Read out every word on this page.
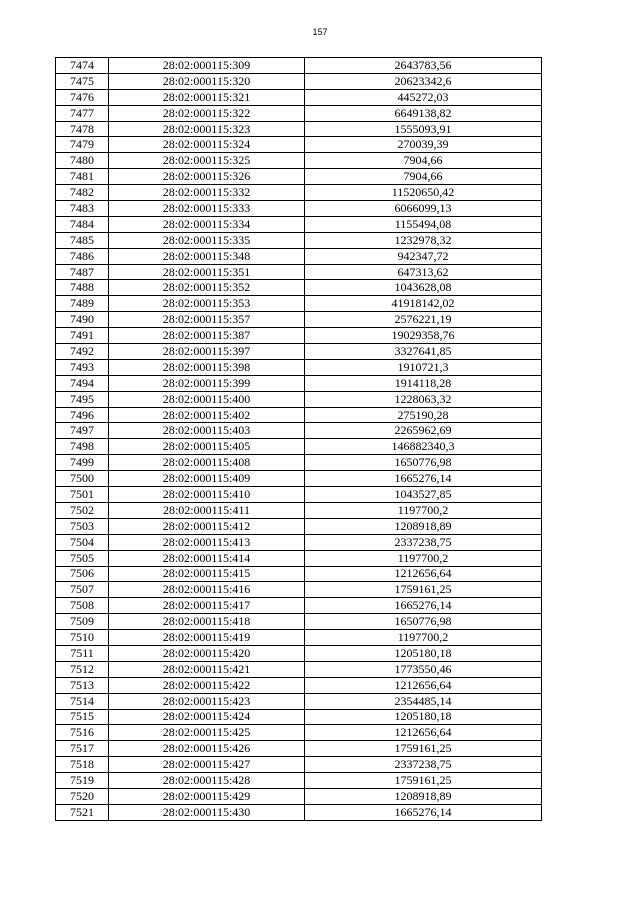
157
7474	28:02:000115:309	2643783,56
7475	28:02:000115:320	20623342,6
7476	28:02:000115:321	445272,03
7477	28:02:000115:322	6649138,82
7478	28:02:000115:323	1555093,91
7479	28:02:000115:324	270039,39
7480	28:02:000115:325	7904,66
7481	28:02:000115:326	7904,66
7482	28:02:000115:332	11520650,42
7483	28:02:000115:333	6066099,13
7484	28:02:000115:334	1155494,08
7485	28:02:000115:335	1232978,32
7486	28:02:000115:348	942347,72
7487	28:02:000115:351	647313,62
7488	28:02:000115:352	1043628,08
7489	28:02:000115:353	41918142,02
7490	28:02:000115:357	2576221,19
7491	28:02:000115:387	19029358,76
7492	28:02:000115:397	3327641,85
7493	28:02:000115:398	1910721,3
7494	28:02:000115:399	1914118,28
7495	28:02:000115:400	1228063,32
7496	28:02:000115:402	275190,28
7497	28:02:000115:403	2265962,69
7498	28:02:000115:405	146882340,3
7499	28:02:000115:408	1650776,98
7500	28:02:000115:409	1665276,14
7501	28:02:000115:410	1043527,85
7502	28:02:000115:411	1197700,2
7503	28:02:000115:412	1208918,89
7504	28:02:000115:413	2337238,75
7505	28:02:000115:414	1197700,2
7506	28:02:000115:415	1212656,64
7507	28:02:000115:416	1759161,25
7508	28:02:000115:417	1665276,14
7509	28:02:000115:418	1650776,98
7510	28:02:000115:419	1197700,2
7511	28:02:000115:420	1205180,18
7512	28:02:000115:421	1773550,46
7513	28:02:000115:422	1212656,64
7514	28:02:000115:423	2354485,14
7515	28:02:000115:424	1205180,18
7516	28:02:000115:425	1212656,64
7517	28:02:000115:426	1759161,25
7518	28:02:000115:427	2337238,75
7519	28:02:000115:428	1759161,25
7520	28:02:000115:429	1208918,89
7521	28:02:000115:430	1665276,14
